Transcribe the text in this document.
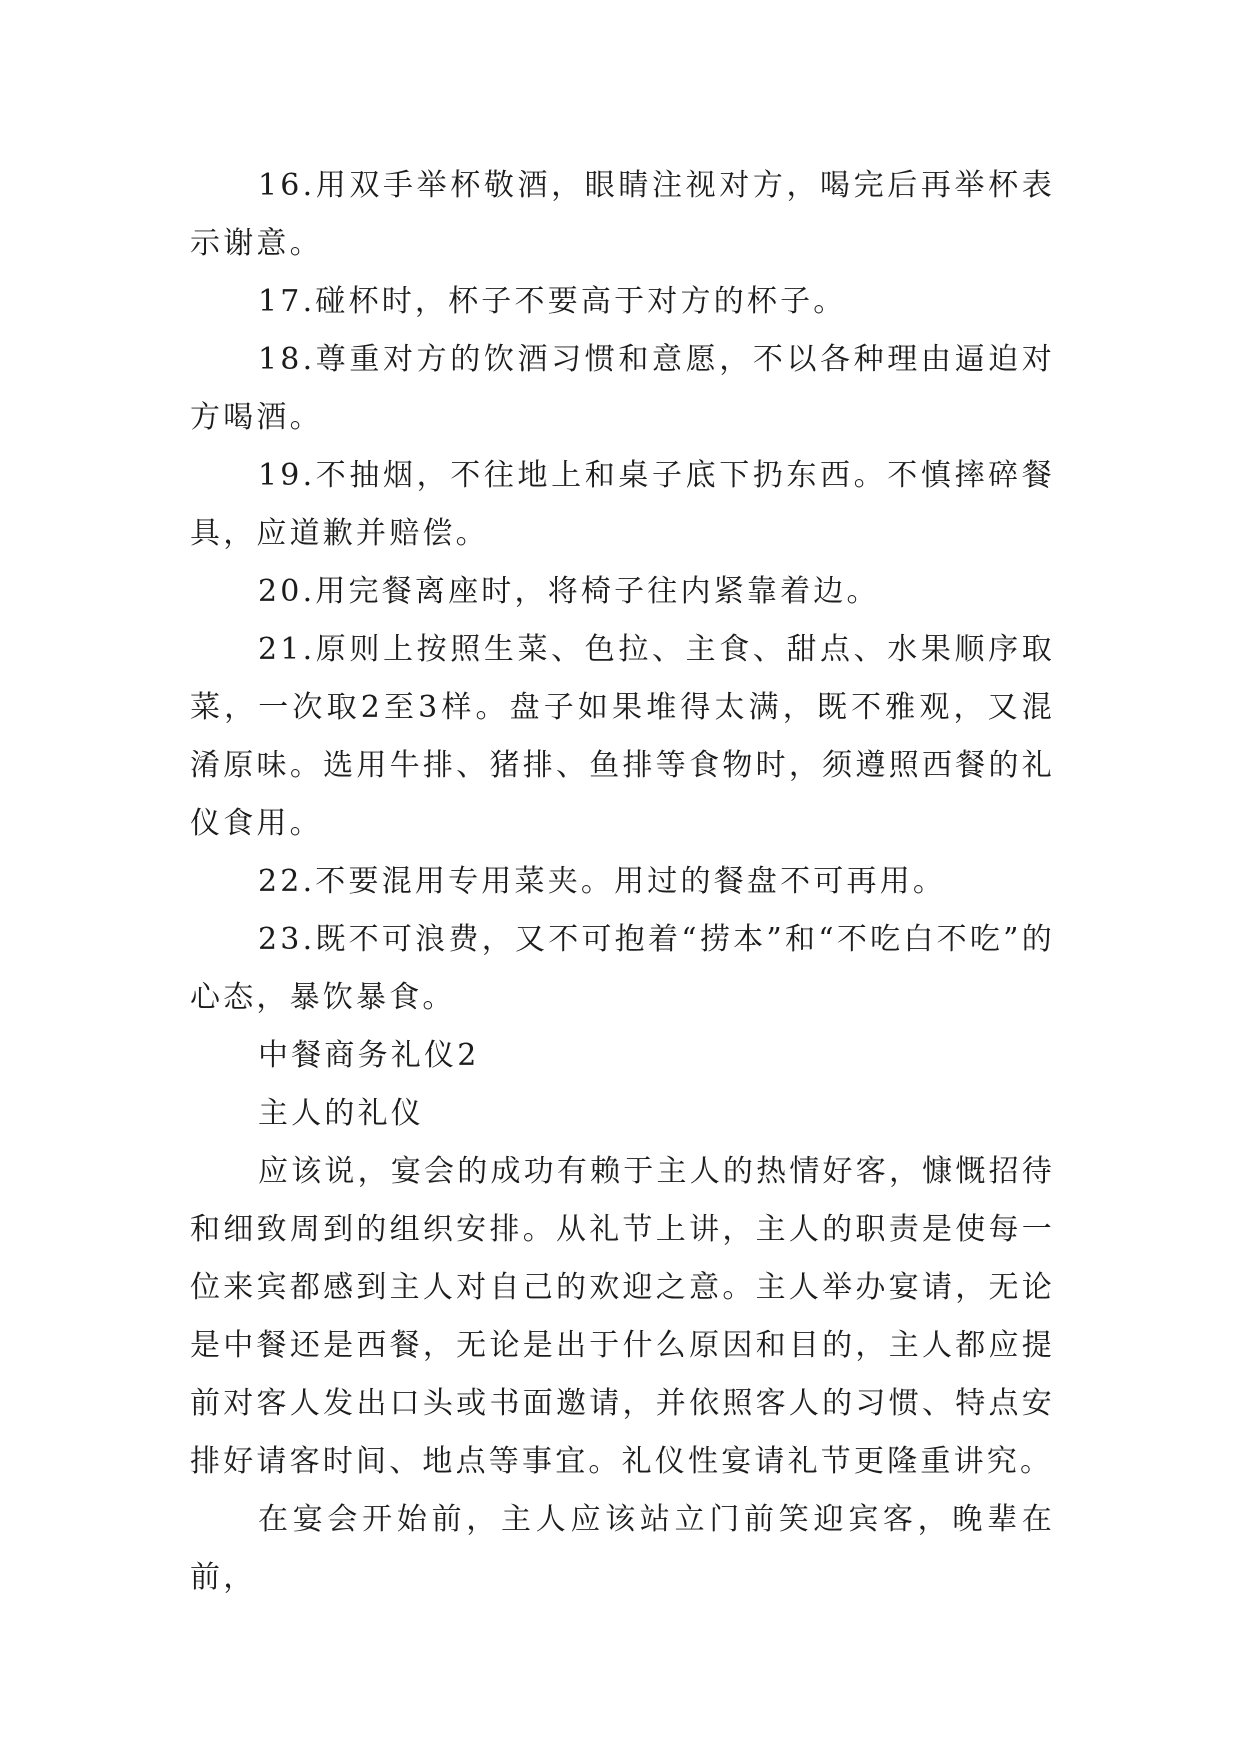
16.用双手举杯敬酒，眼睛注视对方，喝完后再举杯表示谢意。

17.碰杯时，杯子不要高于对方的杯子。

18.尊重对方的饮酒习惯和意愿，不以各种理由逼迫对方喝酒。

19.不抽烟，不往地上和桌子底下扔东西。不慎摔碎餐具，应道歉并赔偿。

20.用完餐离座时，将椅子往内紧靠着边。

21.原则上按照生菜、色拉、主食、甜点、水果顺序取菜，一次取2至3样。盘子如果堆得太满，既不雅观，又混淆原味。选用牛排、猪排、鱼排等食物时，须遵照西餐的礼仪食用。

22.不要混用专用菜夹。用过的餐盘不可再用。

23.既不可浪费，又不可抱着“捞本”和“不吃白不吃”的心态，暴饮暴食。

中餐商务礼仪2

主人的礼仪

应该说，宴会的成功有赖于主人的热情好客，慷慨招待和细致周到的组织安排。从礼节上讲，主人的职责是使每一位来宾都感到主人对自己的欢迎之意。主人举办宴请，无论是中餐还是西餐，无论是出于什么原因和目的，主人都应提前对客人发出口头或书面邀请，并依照客人的习惯、特点安排好请客时间、地点等事宜。礼仪性宴请礼节更隆重讲究。

在宴会开始前，主人应该站立门前笑迎宾客，晚辈在前，
